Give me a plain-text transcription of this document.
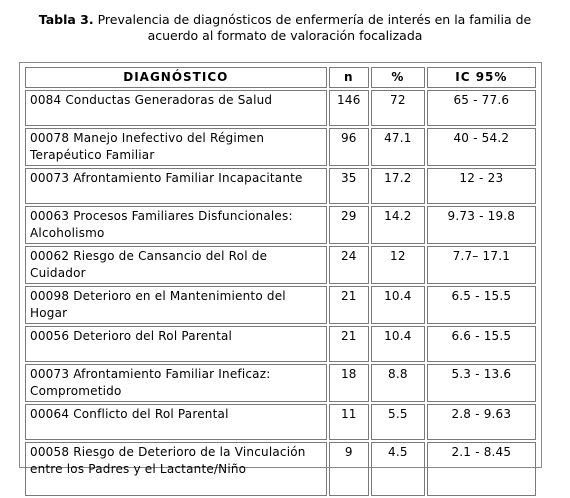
Tabla 3. Prevalencia de diagnósticos de enfermería de interés en la familia de
acuerdo al formato de valoración focalizada
DIAGNÓSTICO	n	%	IC 95%
0084 Conductas Generadoras de Salud	146	72	65 - 77.6
00078 Manejo Inefectivo del Régimen Terapéutico Familiar	96	47.1	40 - 54.2
00073 Afrontamiento Familiar Incapacitante	35	17.2	12 - 23
00063 Procesos Familiares Disfuncionales: Alcoholismo	29	14.2	9.73 - 19.8
00062 Riesgo de Cansancio del Rol de Cuidador	24	12	7.7– 17.1
00098 Deterioro en el Mantenimiento del Hogar	21	10.4	6.5 - 15.5
00056 Deterioro del Rol Parental	21	10.4	6.6 - 15.5
00073 Afrontamiento Familiar Ineficaz: Comprometido	18	8.8	5.3 - 13.6
00064 Conflicto del Rol Parental	11	5.5	2.8 - 9.63
00058 Riesgo de Deterioro de la Vinculación entre los Padres y el Lactante/Niño	9	4.5	2.1 - 8.45
